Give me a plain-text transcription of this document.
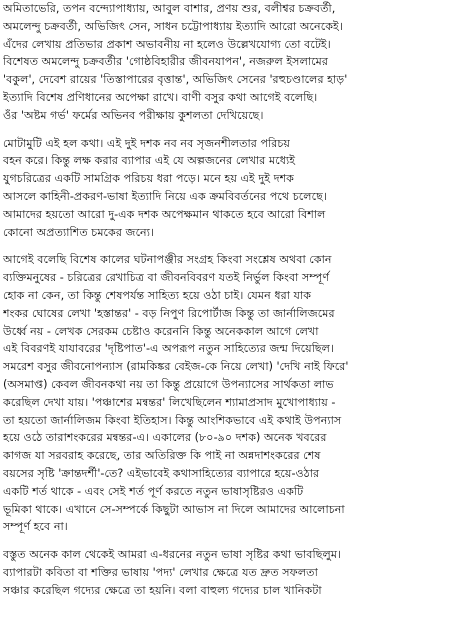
অমিতাভেরি, তপন বন্দ্যোপাধ্যায়, আবুল বাশার, প্রণয় শুর, বলীশ্বর চক্রবর্তী,
অমলেন্দু চক্রবর্তী, অভিজিৎ সেন, সাধন চট্টোপাধ্যায় ইত্যাদি আরো অনেকেই।
এঁদের লেখায় প্রতিভার প্রকাশ অভাবনীয় না হলেও উল্লেখযোগ্য তো বটেই।
বিশেষত অমলেন্দু চক্রবর্তীর 'গোষ্ঠবিহারীর জীবনযাপন', নজরুল ইসলামের
'বকুল', দেবেশ রায়ের 'তিস্তাপারের বৃত্তান্ত', অভিজিৎ সেনের 'রহুচণ্ডালের হাড়'
ইত্যাদি বিশেষ প্রণিধানের অপেক্ষা রাখে। বাণী বসুর কথা আগেই বলেছি।
ওঁর 'অষ্টম গর্ভ' ফর্মের অভিনব পরীক্ষায় কুশলতা দেখিয়েছে।
মোটামুটি এই হল কথা। এই দুই দশক নব নব সৃজনশীলতার পরিচয়
বহন করে। কিন্তু লক্ষ করার ব্যাপার এই যে অল্পজনের লেখার মধ্যেই
যুগচরিত্রের একটি সামগ্রিক পরিচয় ধরা পড়ে। মনে হয় এই দুই দশক
আসলে কাহিনী-প্রকরণ-ভাষা ইত্যাদি নিয়ে এক ক্রমবিবর্তনের পথে চলেছে।
আমাদের হয়তো আরো দু-এক দশক অপেক্ষমান থাকতে হবে আরো বিশাল
কোনো অপ্রত্যাশিত চমকের জন্যে।
আগেই বলেছি বিশেষ কালের ঘটনাপঞ্জীর সংগ্রহ কিংবা সংশ্লেষ অথবা কোন
ব্যক্তিমনুষের - চরিত্রের রেখাচিত্র বা জীবনবিবরণ যতই নির্ভুল কিংবা সম্পূর্ণ
হোক না কেন, তা কিন্তু শেষপর্যন্ত সাহিত্য হয়ে ওঠা চাই। যেমন ধরা যাক
শংকর ঘোষের লেখা 'হস্তান্তর' - বড় নিপুণ রিপোর্টাজ কিন্তু তা জার্নালিজমের
উর্ধ্বে নয় - লেখক সেরকম চেষ্টাও করেননি কিন্তু অনেককাল আগে লেখা
এই বিবরণই যাযাবরের 'দৃষ্টিপাত'-এ অপরূপ নতুন সাহিত্যের জন্ম দিয়েছিল।
সমরেশ বসুর জীবনোপন্যাস (রামকিঙ্কর বেইজ-কে নিয়ে লেখা) 'দেখি নাই ফিরে'
(অসমাপ্ত) কেবল জীবনকথা নয় তা কিন্তু প্রয়োগে উপন্যাসের সার্থকতা লাভ
করেছিল দেখা যায়। 'পঞ্চাশের মন্বন্তর' লিখেছিলেন শ্যামাপ্রসাদ মুখোপাধ্যায় -
তা হয়তো জার্নালিজম কিংবা ইতিহাস। কিন্তু আংশিকভাবে এই কথাই উপন্যাস
হয়ে ওঠে তারাশংকরের মন্বন্তর-এ। একালের (৮০-৯০ দশক) অনেক খবরের
কাগজ যা সরবরাহ করেছে, তার অতিরিক্ত কি পাই না অন্নদাশংকরের শেষ
বয়সের সৃষ্টি 'ক্রান্তদর্শী'-তে? এইভাবেই কথাসাহিত্যের ব্যাপারে হয়ে-ওঠার
একটি শর্ত থাকে - এবং সেই শর্ত পূর্ণ করতে নতুন ভাষাসৃষ্টিরও একটি
ভূমিকা থাকে। এখানে সে-সম্পর্কে কিছুটা আভাস না দিলে আমাদের আলোচনা
সম্পূর্ণ হবে না।
বস্তুত অনেক কাল থেকেই আমরা এ-ধরনের নতুন ভাষা সৃষ্টির কথা ভাবছিলুম।
ব্যাপারটা কবিতা বা শক্তির ভাষায় 'পদ্য' লেখার ক্ষেত্রে যত দ্রুত সফলতা
সঞ্চার করেছিল গদ্যের ক্ষেত্রে তা হয়নি। বলা বাহুল্য গদ্যের চাল খানিকটা
